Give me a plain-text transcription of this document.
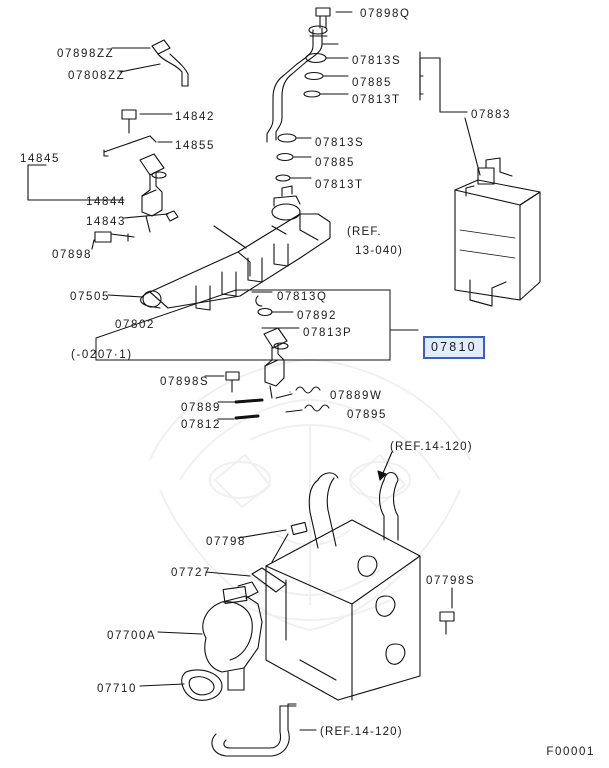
07898Q
07898ZZ
07808ZZ
07813S
07885
07813T
07883
14842
14855	07813S
14845	07885
07813T
14844
14843
(REF.
13-040)
07898
07505	07813Q
07892
07802
07813P
(-0207·1)
07898S
07889W
07889
07895
07812
(REF.14-120)
07798
07727
07798S
07700A
07710
(REF.14-120)
07810
F00001
